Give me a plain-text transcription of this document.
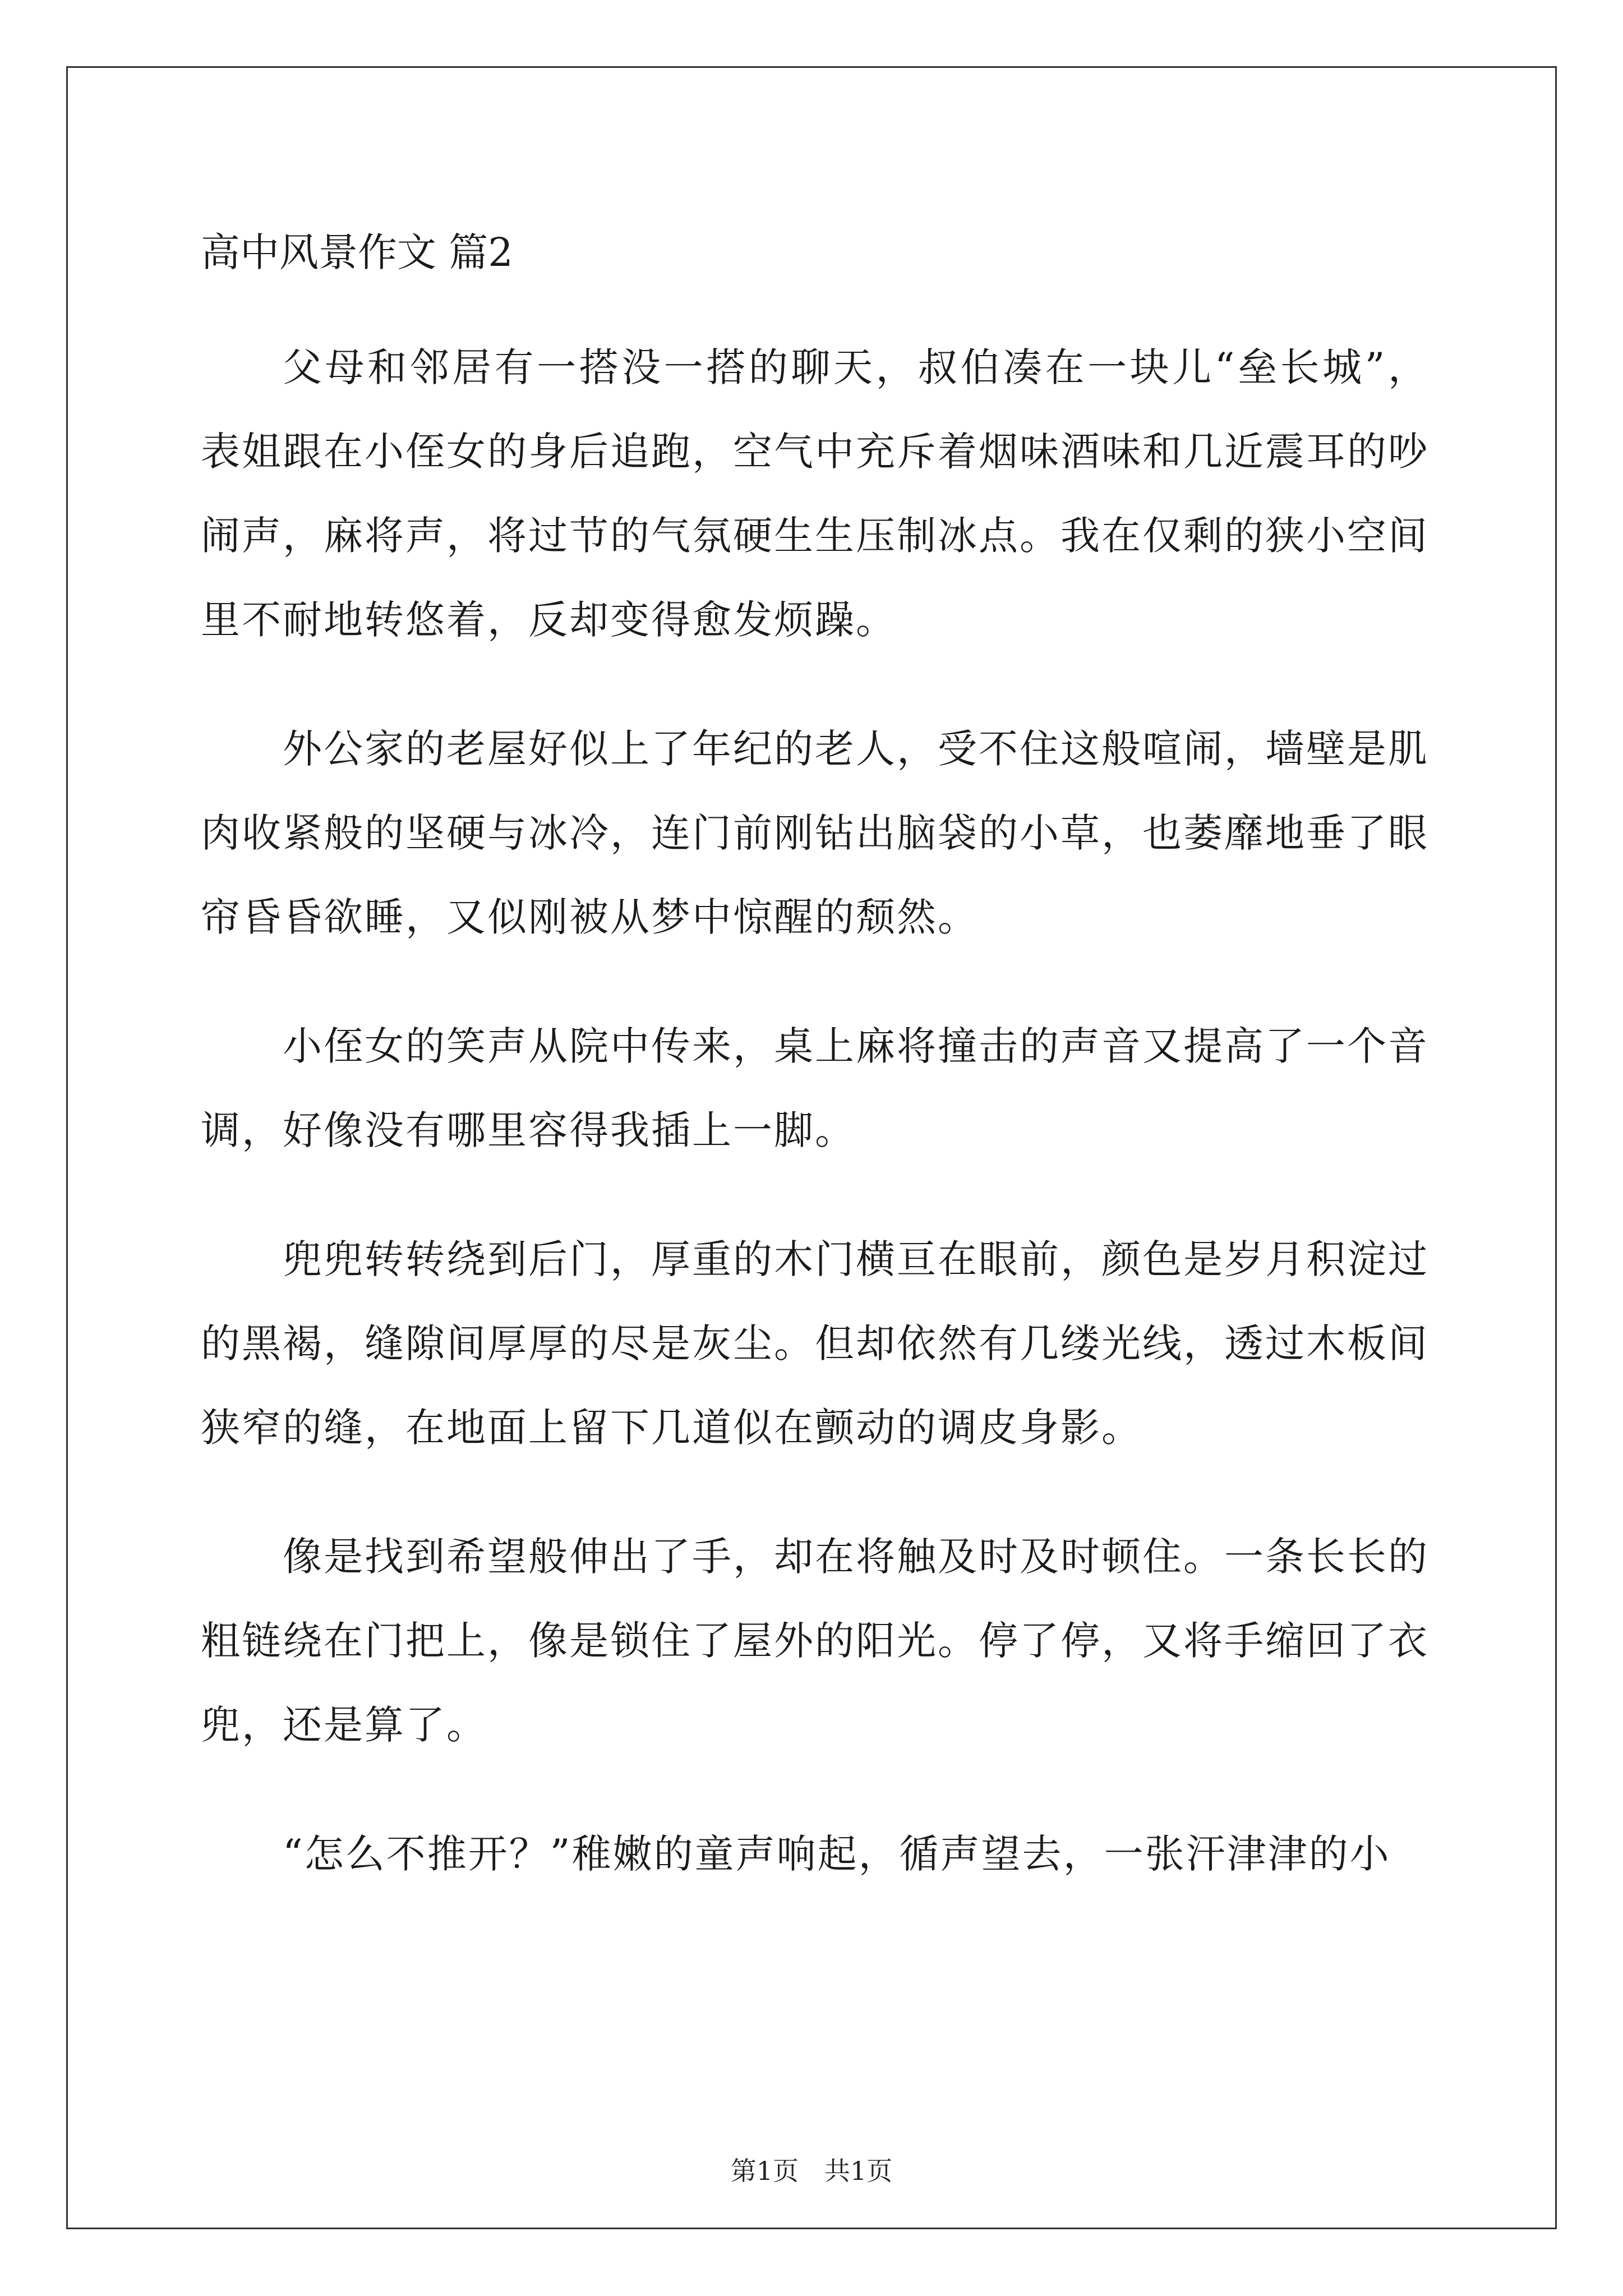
高中风景作文 篇2

父母和邻居有一搭没一搭的聊天，叔伯凑在一块儿“垒长城”，表姐跟在小侄女的身后追跑，空气中充斥着烟味酒味和几近震耳的吵闹声，麻将声，将过节的气氛硬生生压制冰点。我在仅剩的狭小空间里不耐地转悠着，反却变得愈发烦躁。

外公家的老屋好似上了年纪的老人，受不住这般喧闹，墙壁是肌肉收紧般的坚硬与冰冷，连门前刚钻出脑袋的小草，也萎靡地垂了眼帘昏昏欲睡，又似刚被从梦中惊醒的颓然。

小侄女的笑声从院中传来，桌上麻将撞击的声音又提高了一个音调，好像没有哪里容得我插上一脚。

兜兜转转绕到后门，厚重的木门横亘在眼前，颜色是岁月积淀过的黑褐，缝隙间厚厚的尽是灰尘。但却依然有几缕光线，透过木板间狭窄的缝，在地面上留下几道似在颤动的调皮身影。

像是找到希望般伸出了手，却在将触及时及时顿住。一条长长的粗链绕在门把上，像是锁住了屋外的阳光。停了停，又将手缩回了衣兜，还是算了。

“怎么不推开？”稚嫩的童声响起，循声望去，一张汗津津的小

第1页　共1页
